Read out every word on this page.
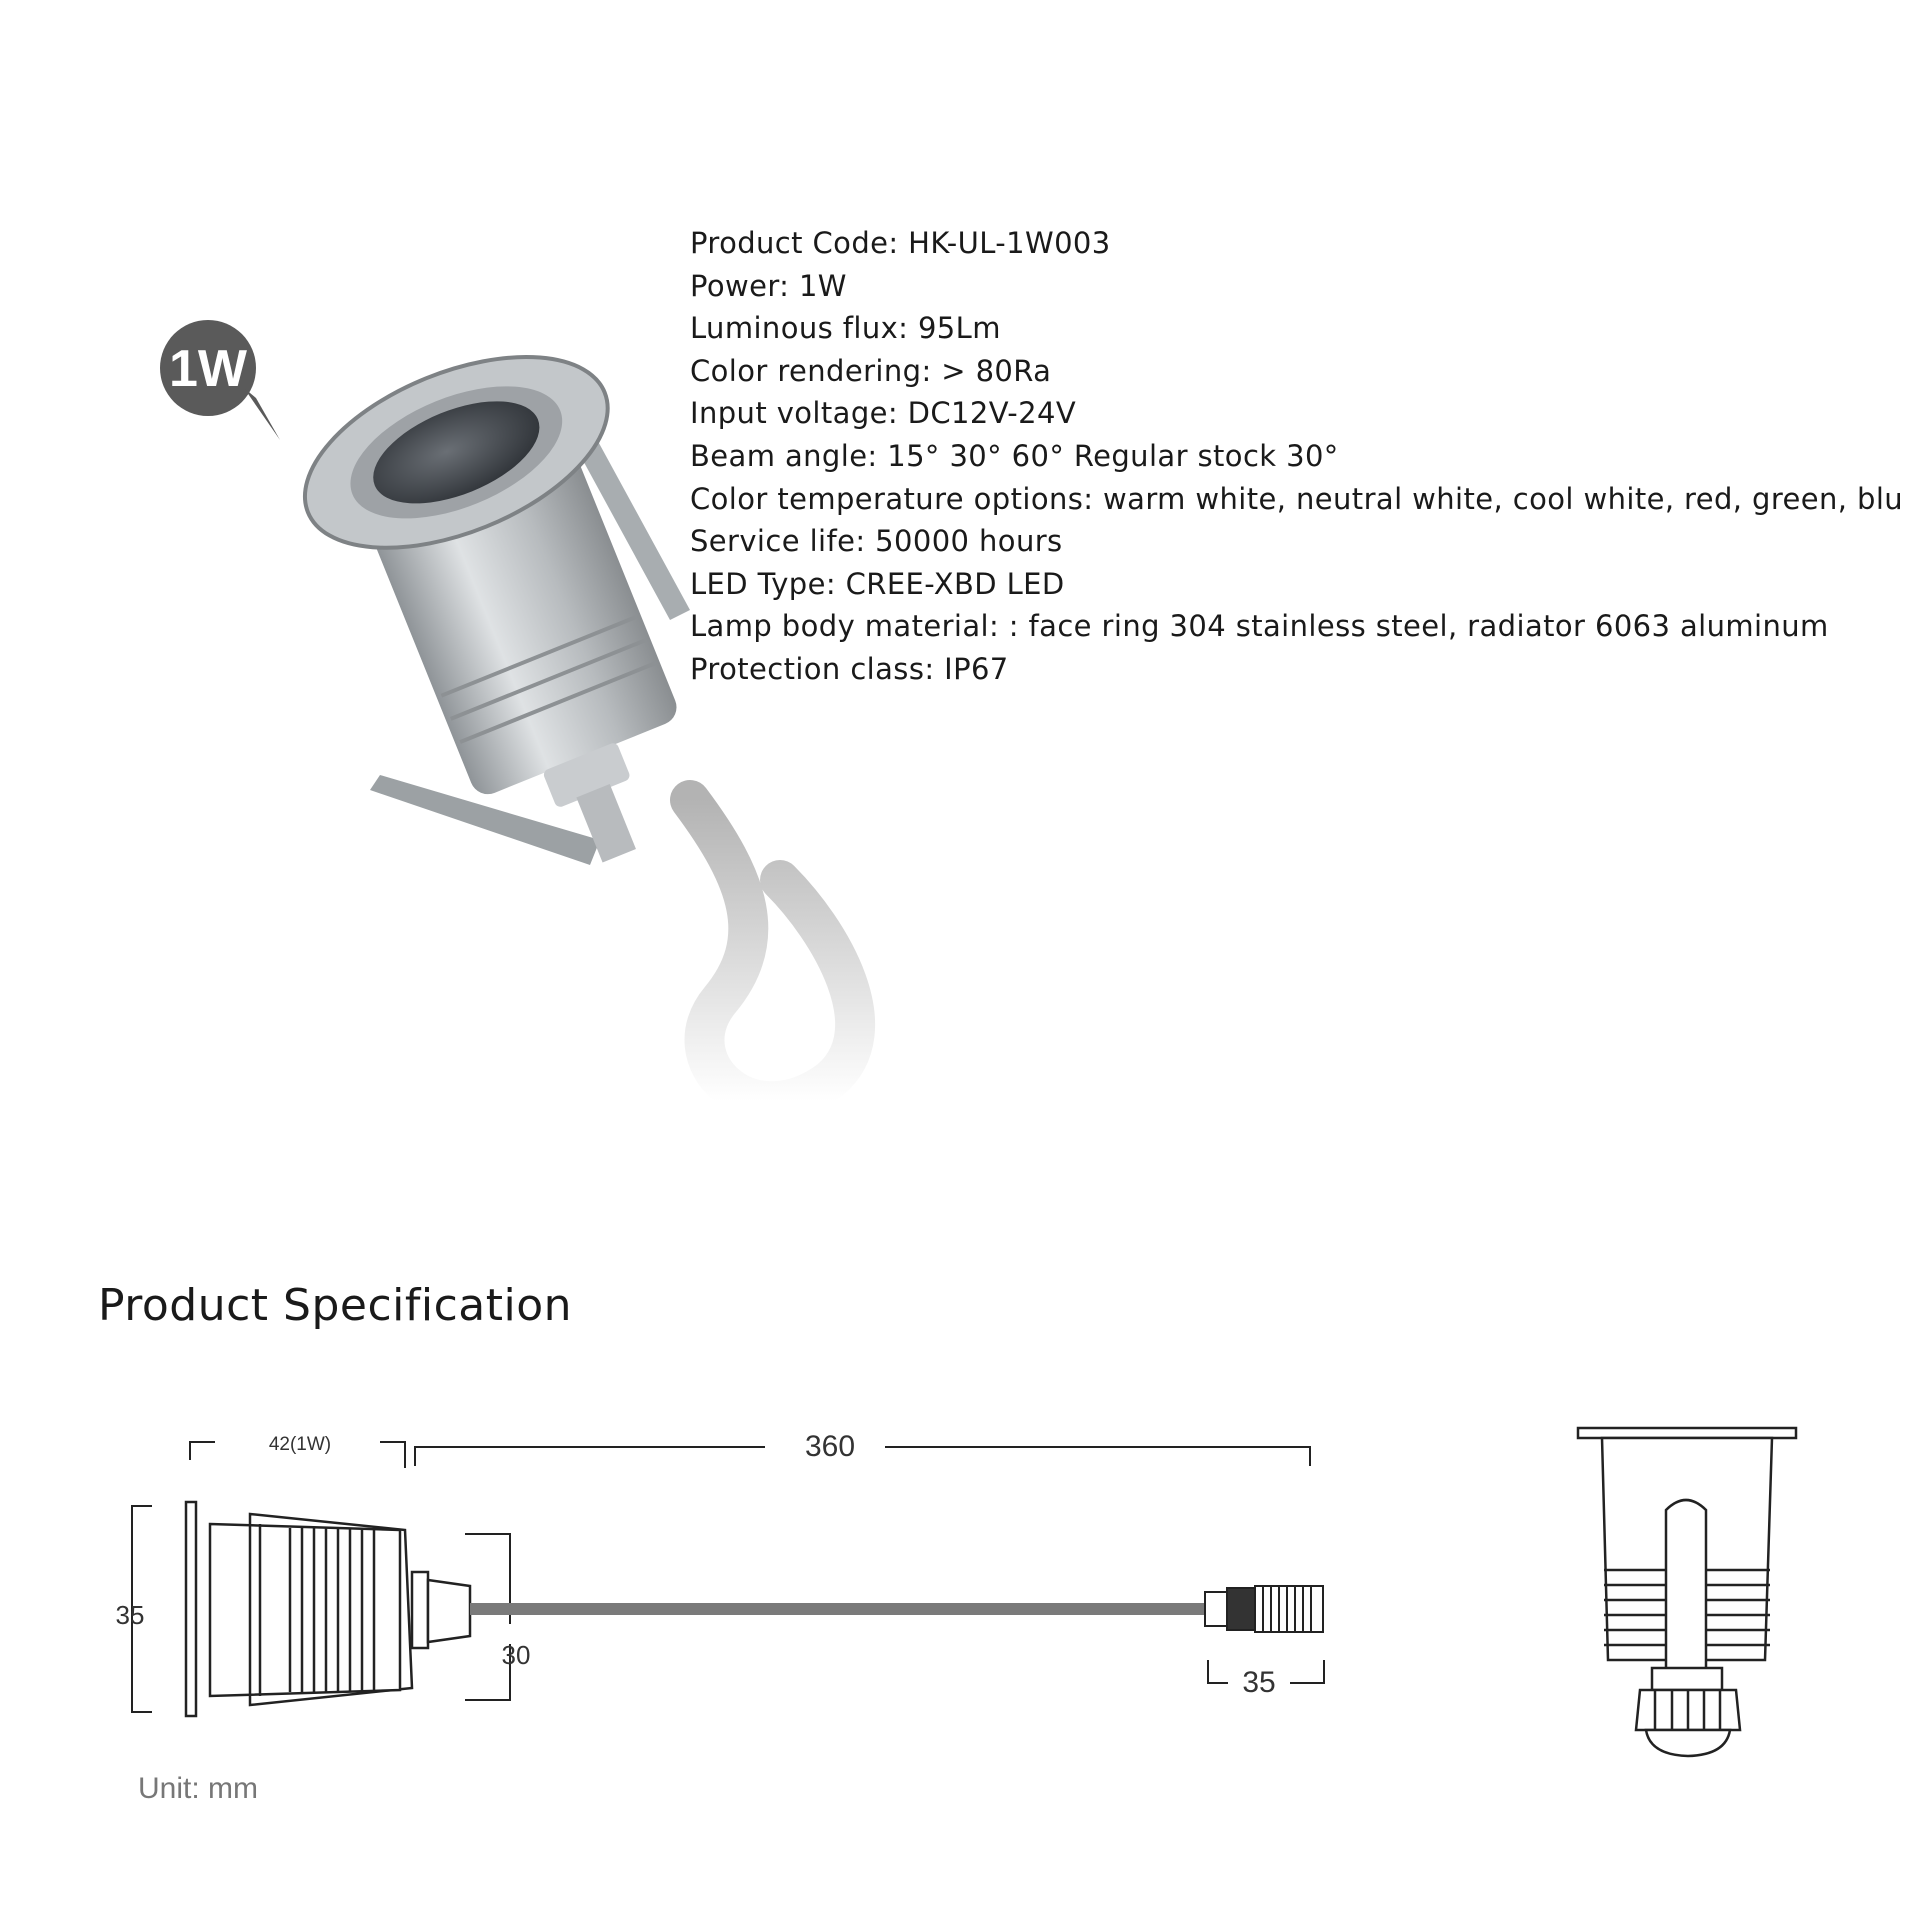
Product Code: HK-UL-1W003
Power: 1W
Luminous flux: 95Lm
Color rendering: > 80Ra
Input voltage: DC12V-24V
Beam angle: 15° 30° 60° Regular stock 30°
Color temperature options: warm white, neutral white, cool white, red, green, blu
Service life: 50000 hours
LED Type: CREE-XBD LED
Lamp body material: : face ring 304 stainless steel, radiator 6063 aluminum
Protection class: IP67
1W
Product Specification
42(1W)	360
35
30
35
Unit: mm
